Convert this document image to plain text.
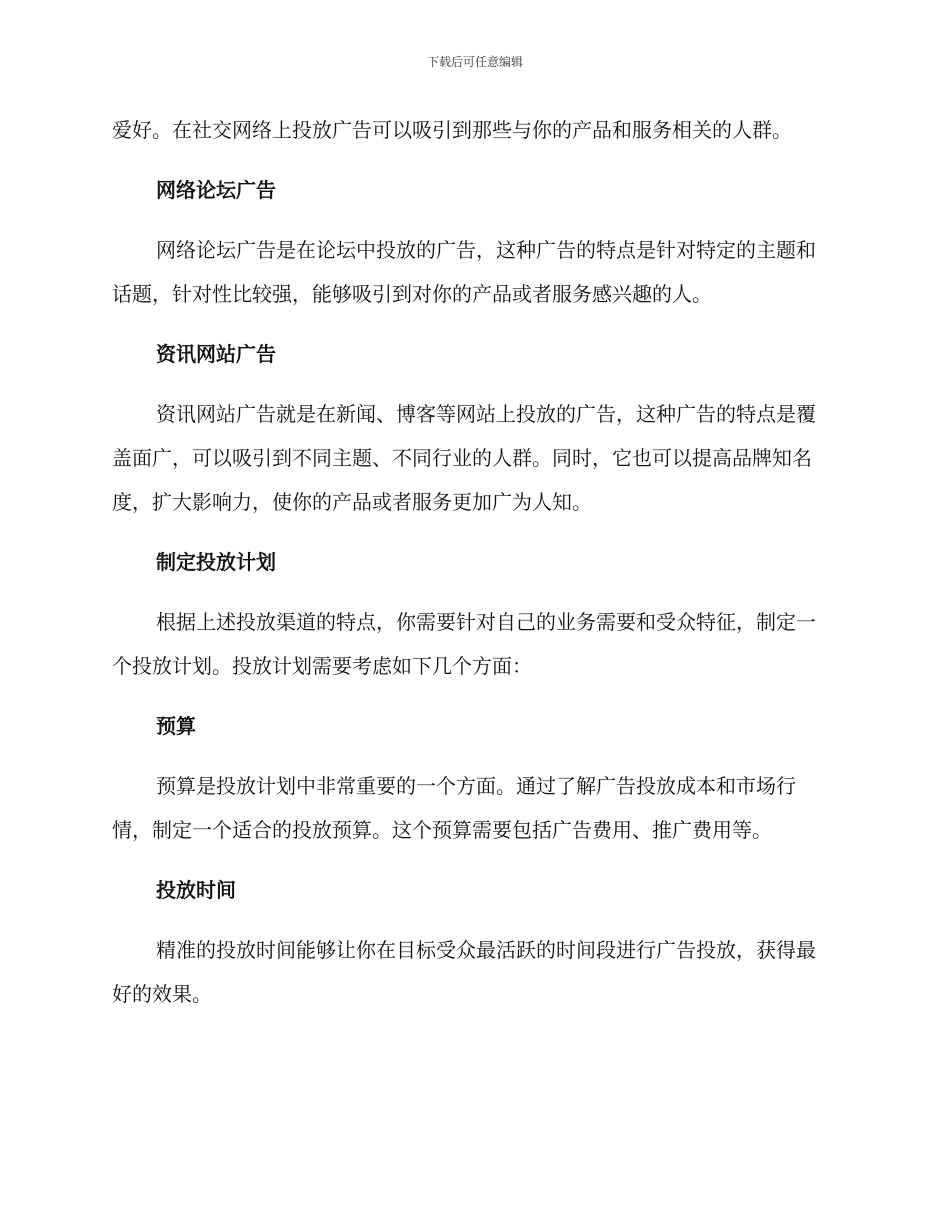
下载后可任意编辑

爱好。在社交网络上投放广告可以吸引到那些与你的产品和服务相关的人群。

网络论坛广告

网络论坛广告是在论坛中投放的广告，这种广告的特点是针对特定的主题和话题，针对性比较强，能够吸引到对你的产品或者服务感兴趣的人。

资讯网站广告

资讯网站广告就是在新闻、博客等网站上投放的广告，这种广告的特点是覆盖面广，可以吸引到不同主题、不同行业的人群。同时，它也可以提高品牌知名度，扩大影响力，使你的产品或者服务更加广为人知。

制定投放计划

根据上述投放渠道的特点，你需要针对自己的业务需要和受众特征，制定一个投放计划。投放计划需要考虑如下几个方面：

预算

预算是投放计划中非常重要的一个方面。通过了解广告投放成本和市场行情，制定一个适合的投放预算。这个预算需要包括广告费用、推广费用等。

投放时间

精准的投放时间能够让你在目标受众最活跃的时间段进行广告投放，获得最好的效果。
